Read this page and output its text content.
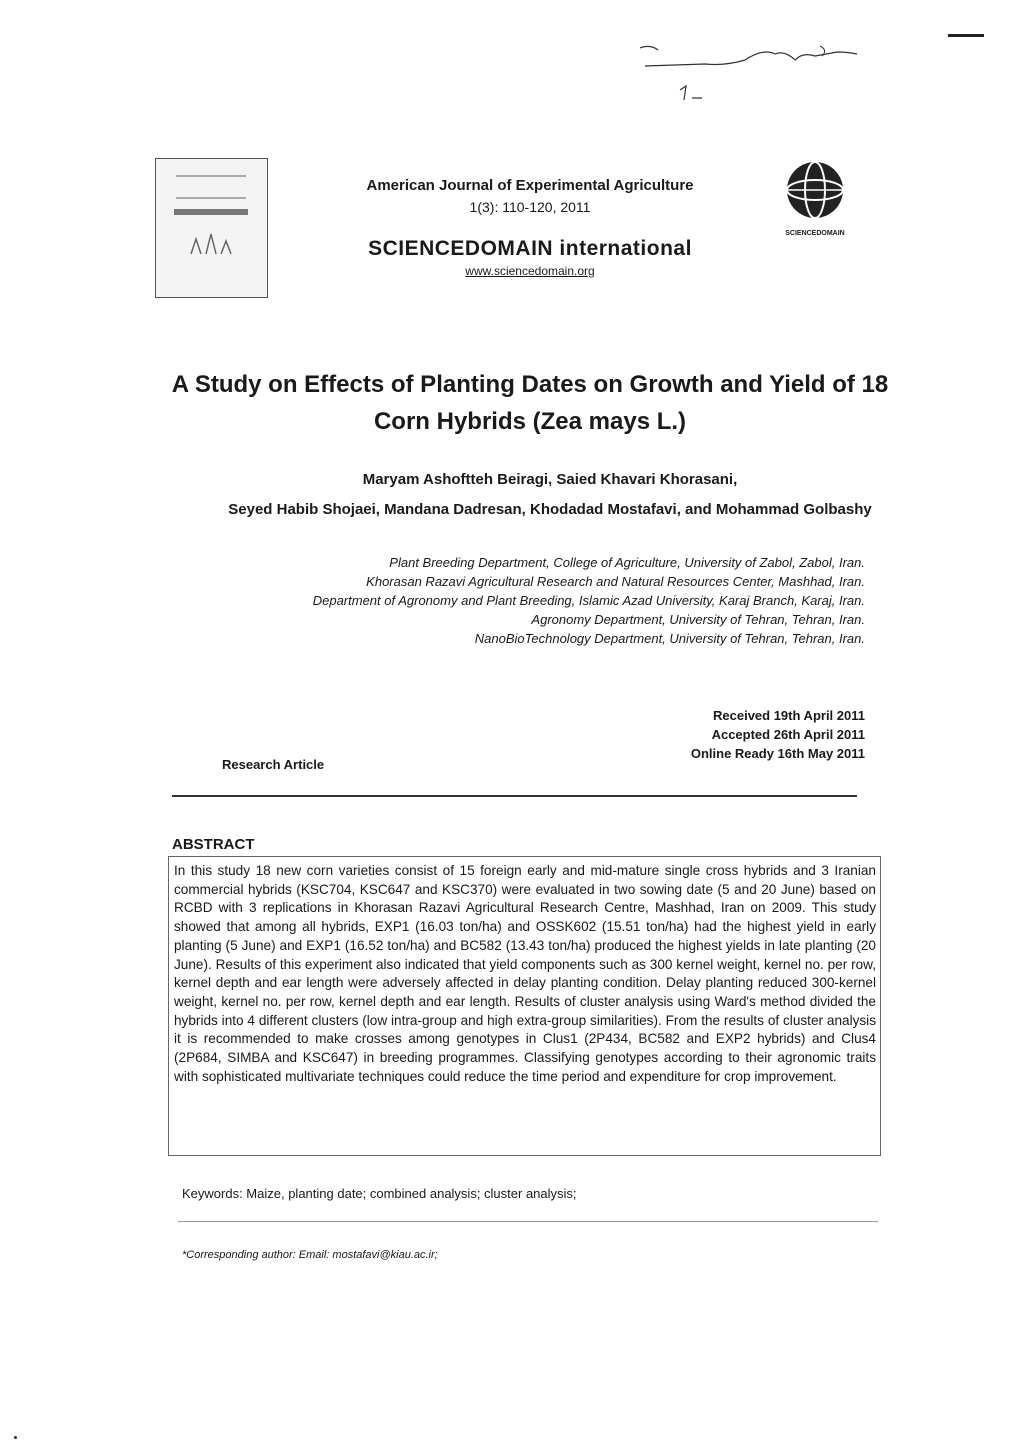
American Journal of Experimental Agriculture
1(3): 110-120, 2011
SCIENCEDOMAIN international
www.sciencedomain.org
SCIENCEDOMAIN
A Study on Effects of Planting Dates on Growth and Yield of 18 Corn Hybrids (Zea mays L.)
Maryam Ashoftteh Beiragi, Saied Khavari Khorasani,
Seyed Habib Shojaei, Mandana Dadresan, Khodadad Mostafavi, and Mohammad Golbashy
Plant Breeding Department, College of Agriculture, University of Zabol, Zabol, Iran.
Khorasan Razavi Agricultural Research and Natural Resources Center, Mashhad, Iran.
Department of Agronomy and Plant Breeding, Islamic Azad University, Karaj Branch, Karaj, Iran.
Agronomy Department, University of Tehran, Tehran, Iran.
NanoBioTechnology Department, University of Tehran, Tehran, Iran.
Received 19th April 2011
Accepted 26th April 2011
Online Ready 16th May 2011
Research Article
ABSTRACT
In this study 18 new corn varieties consist of 15 foreign early and mid-mature single cross hybrids and 3 Iranian commercial hybrids (KSC704, KSC647 and KSC370) were evaluated in two sowing date (5 and 20 June) based on RCBD with 3 replications in Khorasan Razavi Agricultural Research Centre, Mashhad, Iran on 2009. This study showed that among all hybrids, EXP1 (16.03 ton/ha) and OSSK602 (15.51 ton/ha) had the highest yield in early planting (5 June) and EXP1 (16.52 ton/ha) and BC582 (13.43 ton/ha) produced the highest yields in late planting (20 June). Results of this experiment also indicated that yield components such as 300 kernel weight, kernel no. per row, kernel depth and ear length were adversely affected in delay planting condition. Delay planting reduced 300-kernel weight, kernel no. per row, kernel depth and ear length. Results of cluster analysis using Ward's method divided the hybrids into 4 different clusters (low intra-group and high extra-group similarities). From the results of cluster analysis it is recommended to make crosses among genotypes in Clus1 (2P434, BC582 and EXP2 hybrids) and Clus4 (2P684, SIMBA and KSC647) in breeding programmes. Classifying genotypes according to their agronomic traits with sophisticated multivariate techniques could reduce the time period and expenditure for crop improvement.
Keywords: Maize, planting date; combined analysis; cluster analysis;
*Corresponding author: Email: mostafavi@kiau.ac.ir;
